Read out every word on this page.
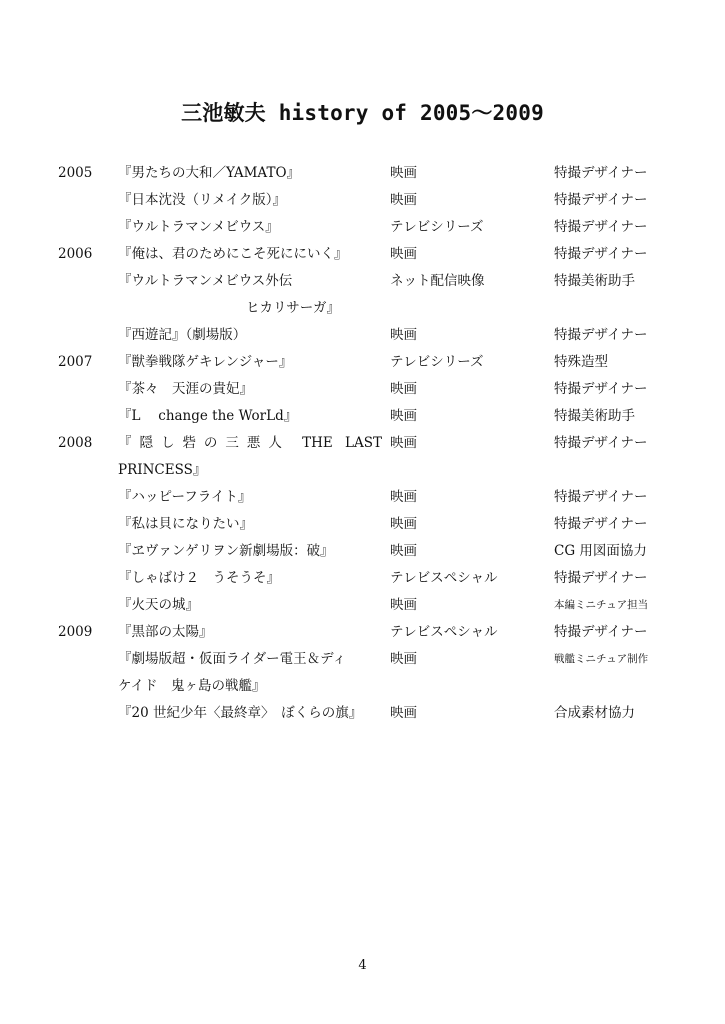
三池敏夫 history of 2005～2009
2005	『男たちの大和／YAMATO』	映画	特撮デザイナー
	『日本沈没（リメイク版）』	映画	特撮デザイナー
	『ウルトラマンメビウス』	テレビシリーズ	特撮デザイナー
2006	『俺は、君のためにこそ死ににいく』	映画	特撮デザイナー

	『ウルトラマンメビウス外伝
ヒカリサーガ』	ネット配信映像	特撮美術助手
	『西遊記』（劇場版）	映画	特撮デザイナー
2007	『獣拳戦隊ゲキレンジャー』	テレビシリーズ	特殊造型
	『茶々　天涯の貴妃』	映画	特撮デザイナー
	『L　 change the WorLd』	映画	特撮美術助手
2008	『隠し砦の三悪人 THE LAST
PRINCESS』	映画	特撮デザイナー
	『ハッピーフライト』	映画	特撮デザイナー
	『私は貝になりたい』	映画	特撮デザイナー
	『ヱヴァンゲリヲン新劇場版：破』	映画	CG 用図面協力
	『しゃばけ２　うそうそ』	テレビスペシャル	特撮デザイナー
	『火天の城』	映画	本編ミニチュア担当
2009	『黒部の太陽』	テレビスペシャル	特撮デザイナー

	『劇場版超・仮面ライダー電王＆ディ
ケイド　鬼ヶ島の戦艦』	映画	戦艦ミニチュア制作
	『20 世紀少年〈最終章〉　ぼくらの旗』	映画	合成素材協力
4
